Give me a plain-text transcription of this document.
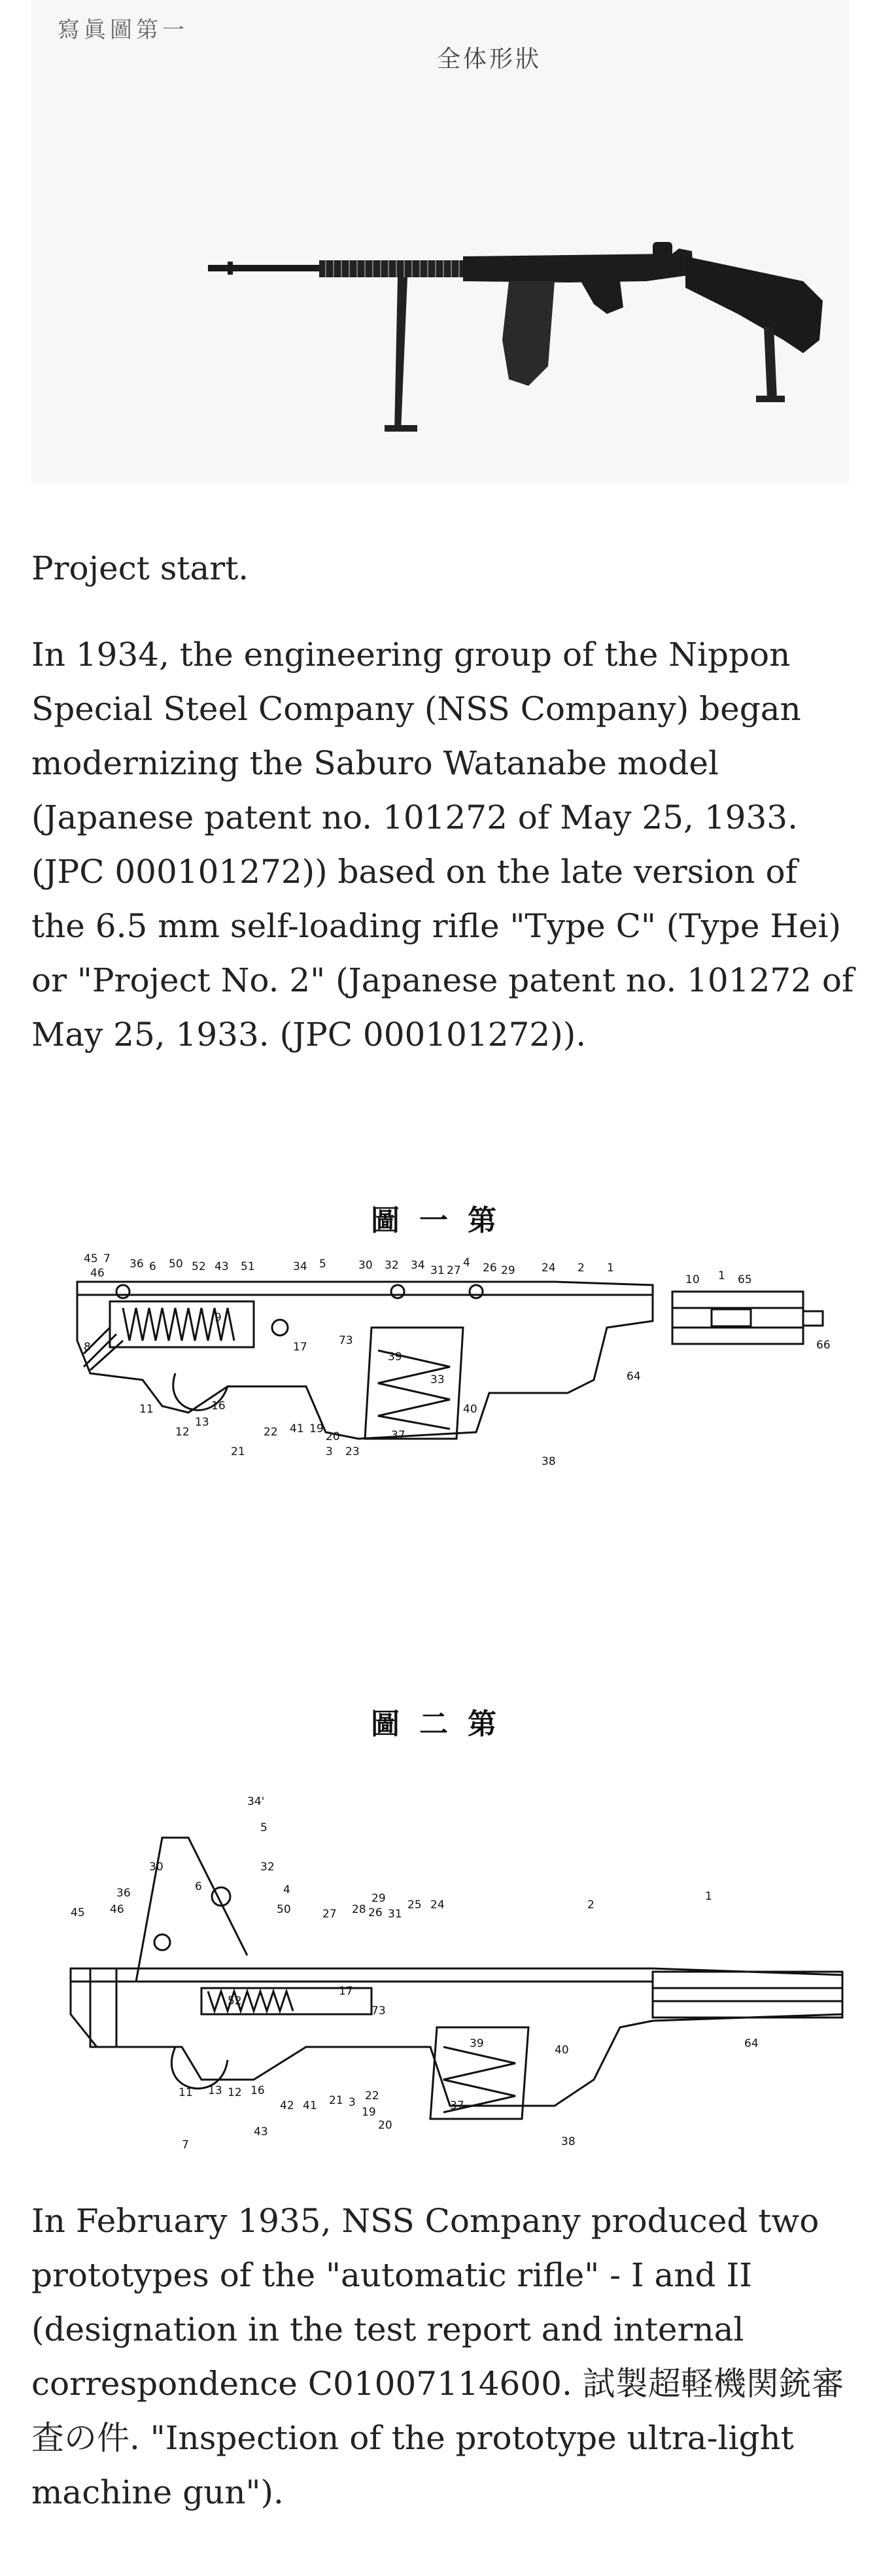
寫眞圖第一
全体形狀

Project start.

In 1934, the engineering group of the Nippon Special Steel Company (NSS Company) began modernizing the Saburo Watanabe model (Japanese patent no. 101272 of May 25, 1933. (JPC 000101272)) based on the late version of the 6.5 mm self-loading rifle "Type C" (Type Hei) or "Project No. 2" (Japanese patent no. 101272 of May 25, 1933. (JPC 000101272)).

圖一第
45 7 36 6 50 52 43 51	34 5	30 32 34 31 27
4 26 29 24 2 1
10 1 65
46
8
9
17	73
39
33	64
66
11	16
13
12	22 41 19
20
21	3 23
37
40
38
圖二第
34'
5
30	32
36	6	4
46	50
29
28 26
27	31
25 24	2
1
45
52
17
73
39	40	64
11 13 12 16
42 41 21 3 22
19	37
20
43
7	38

In February 1935, NSS Company produced two prototypes of the "automatic rifle" - I and II (designation in the test report and internal correspondence C01007114600. 試製超軽機関銃審査の件. "Inspection of the prototype ultra-light machine gun").
